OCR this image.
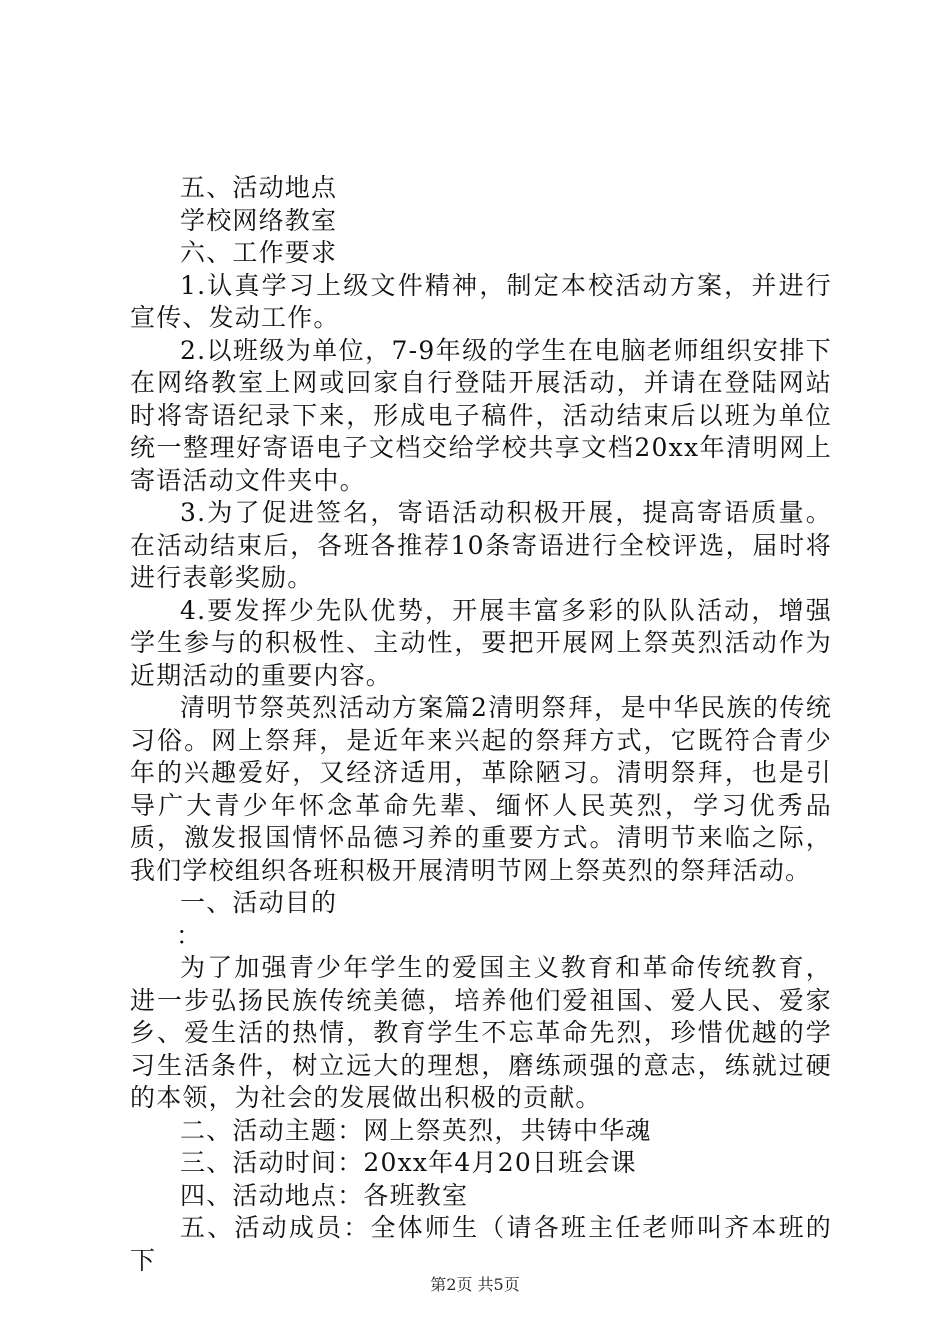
五、活动地点

学校网络教室

六、工作要求

1.认真学习上级文件精神，制定本校活动方案，并进行宣传、发动工作。

2.以班级为单位，7-9年级的学生在电脑老师组织安排下在网络教室上网或回家自行登陆开展活动，并请在登陆网站时将寄语纪录下来，形成电子稿件，活动结束后以班为单位统一整理好寄语电子文档交给学校共享文档20xx年清明网上寄语活动文件夹中。

3.为了促进签名，寄语活动积极开展，提高寄语质量。在活动结束后，各班各推荐10条寄语进行全校评选，届时将进行表彰奖励。

4.要发挥少先队优势，开展丰富多彩的队队活动，增强学生参与的积极性、主动性，要把开展网上祭英烈活动作为近期活动的重要内容。

清明节祭英烈活动方案篇2清明祭拜，是中华民族的传统习俗。网上祭拜，是近年来兴起的祭拜方式，它既符合青少年的兴趣爱好，又经济适用，革除陋习。清明祭拜，也是引导广大青少年怀念革命先辈、缅怀人民英烈，学习优秀品质，激发报国情怀品德习养的重要方式。清明节来临之际，我们学校组织各班积极开展清明节网上祭英烈的祭拜活动。

一、活动目的

：

为了加强青少年学生的爱国主义教育和革命传统教育，进一步弘扬民族传统美德，培养他们爱祖国、爱人民、爱家乡、爱生活的热情，教育学生不忘革命先烈，珍惜优越的学习生活条件，树立远大的理想，磨练顽强的意志，练就过硬的本领，为社会的发展做出积极的贡献。

二、活动主题：网上祭英烈，共铸中华魂

三、活动时间：20xx年4月20日班会课

四、活动地点：各班教室

五、活动成员：全体师生（请各班主任老师叫齐本班的下

第2页 共5页
